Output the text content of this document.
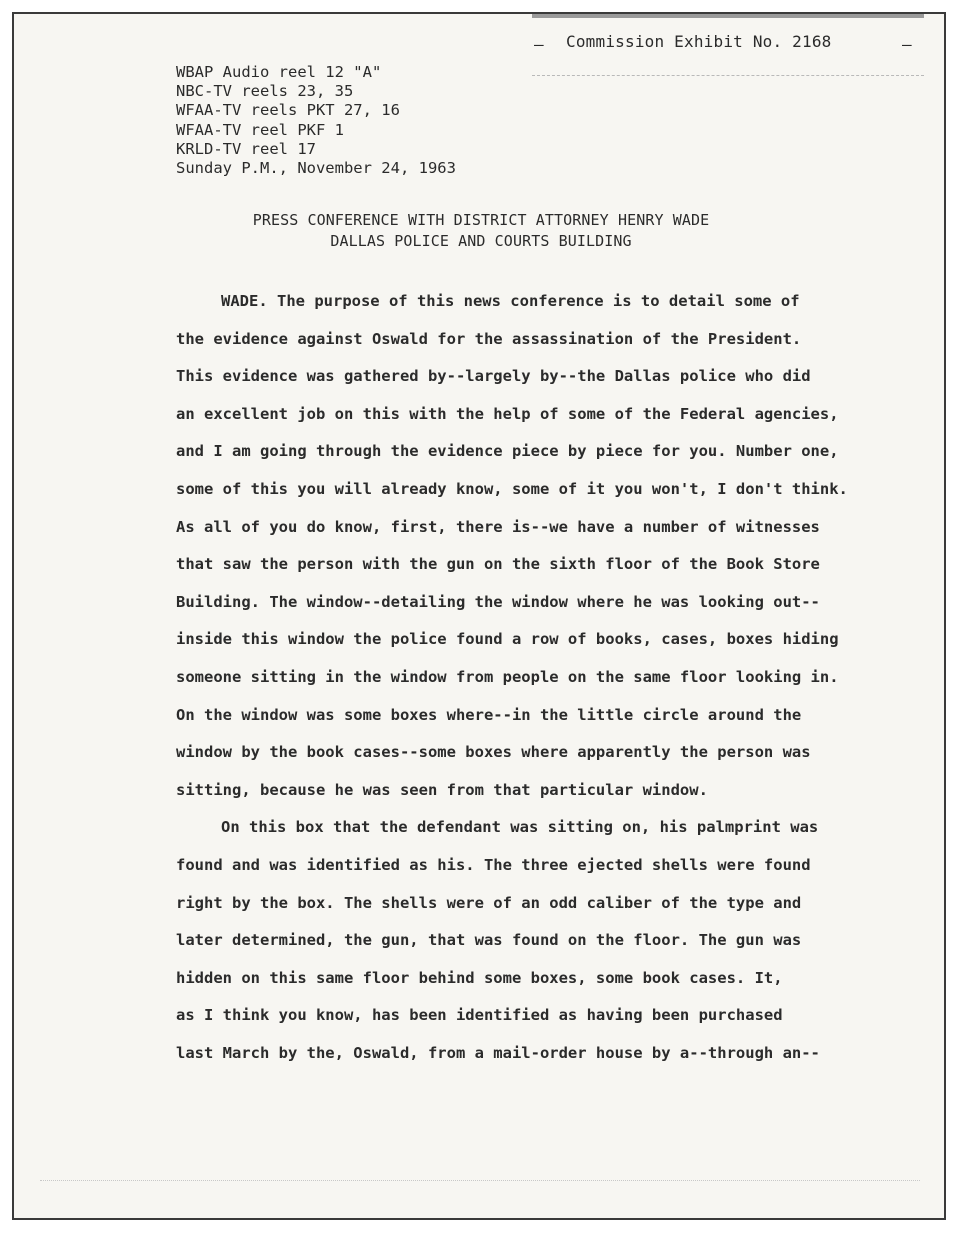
– Commission Exhibit No. 2168	–
WBAP Audio reel 12 "A"
NBC-TV reels 23, 35
WFAA-TV reels PKT 27, 16
WFAA-TV reel PKF 1
KRLD-TV reel 17
Sunday P.M., November 24, 1963
PRESS CONFERENCE WITH DISTRICT ATTORNEY HENRY WADE
DALLAS POLICE AND COURTS BUILDING
WADE. The purpose of this news conference is to detail some of
the evidence against Oswald for the assassination of the President.
This evidence was gathered by--largely by--the Dallas police who did
an excellent job on this with the help of some of the Federal agencies,
and I am going through the evidence piece by piece for you. Number one,
some of this you will already know, some of it you won't, I don't think.
As all of you do know, first, there is--we have a number of witnesses
that saw the person with the gun on the sixth floor of the Book Store
Building. The window--detailing the window where he was looking out--
inside this window the police found a row of books, cases, boxes hiding
someone sitting in the window from people on the same floor looking in.
On the window was some boxes where--in the little circle around the
window by the book cases--some boxes where apparently the person was
sitting, because he was seen from that particular window.
On this box that the defendant was sitting on, his palmprint was
found and was identified as his. The three ejected shells were found
right by the box. The shells were of an odd caliber of the type and
later determined, the gun, that was found on the floor. The gun was
hidden on this same floor behind some boxes, some book cases. It,
as I think you know, has been identified as having been purchased
last March by the, Oswald, from a mail-order house by a--through an--
